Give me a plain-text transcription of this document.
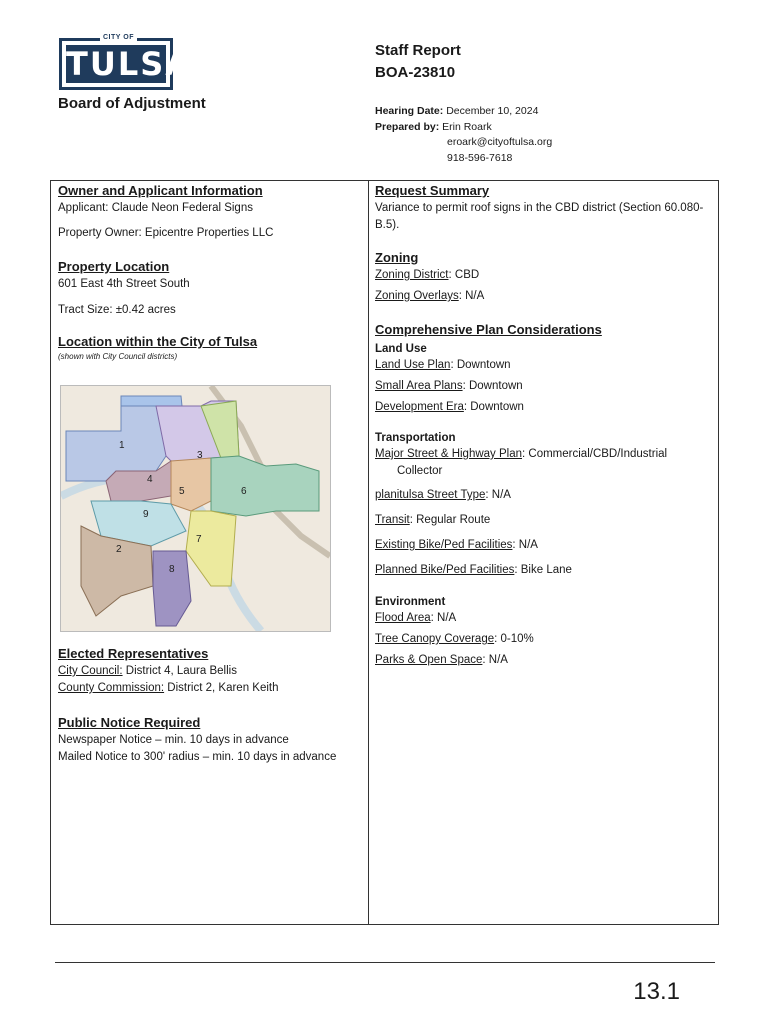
CITY OF
TULSA
Board of Adjustment
Staff Report
BOA-23810
Hearing Date: December 10, 2024
Prepared by: Erin Roark
eroark@cityoftulsa.org
918-596-7618

Owner and Applicant Information

Applicant: Claude Neon Federal Signs

Property Owner: Epicentre Properties LLC

Property Location

601 East 4th Street South

Tract Size: ±0.42 acres

Location within the City of Tulsa

(shown with City Council districts)

1
2
3
4
5	6
7
8
9

Elected Representatives

City Council: District 4, Laura Bellis

County Commission: District 2, Karen Keith

Public Notice Required

Newspaper Notice – min. 10 days in advance

Mailed Notice to 300' radius – min. 10 days in advance

Request Summary

Variance to permit roof signs in the CBD district (Section 60.080-B.5).

Zoning

Zoning District: CBD

Zoning Overlays: N/A

Comprehensive Plan Considerations

Land Use

Land Use Plan: Downtown

Small Area Plans: Downtown

Development Era: Downtown

Transportation

Major Street & Highway Plan: Commercial/CBD/Industrial

Collector

planitulsa Street Type: N/A

Transit: Regular Route

Existing Bike/Ped Facilities: N/A

Planned Bike/Ped Facilities: Bike Lane

Environment

Flood Area: N/A

Tree Canopy Coverage: 0-10%

Parks & Open Space: N/A

13.1
